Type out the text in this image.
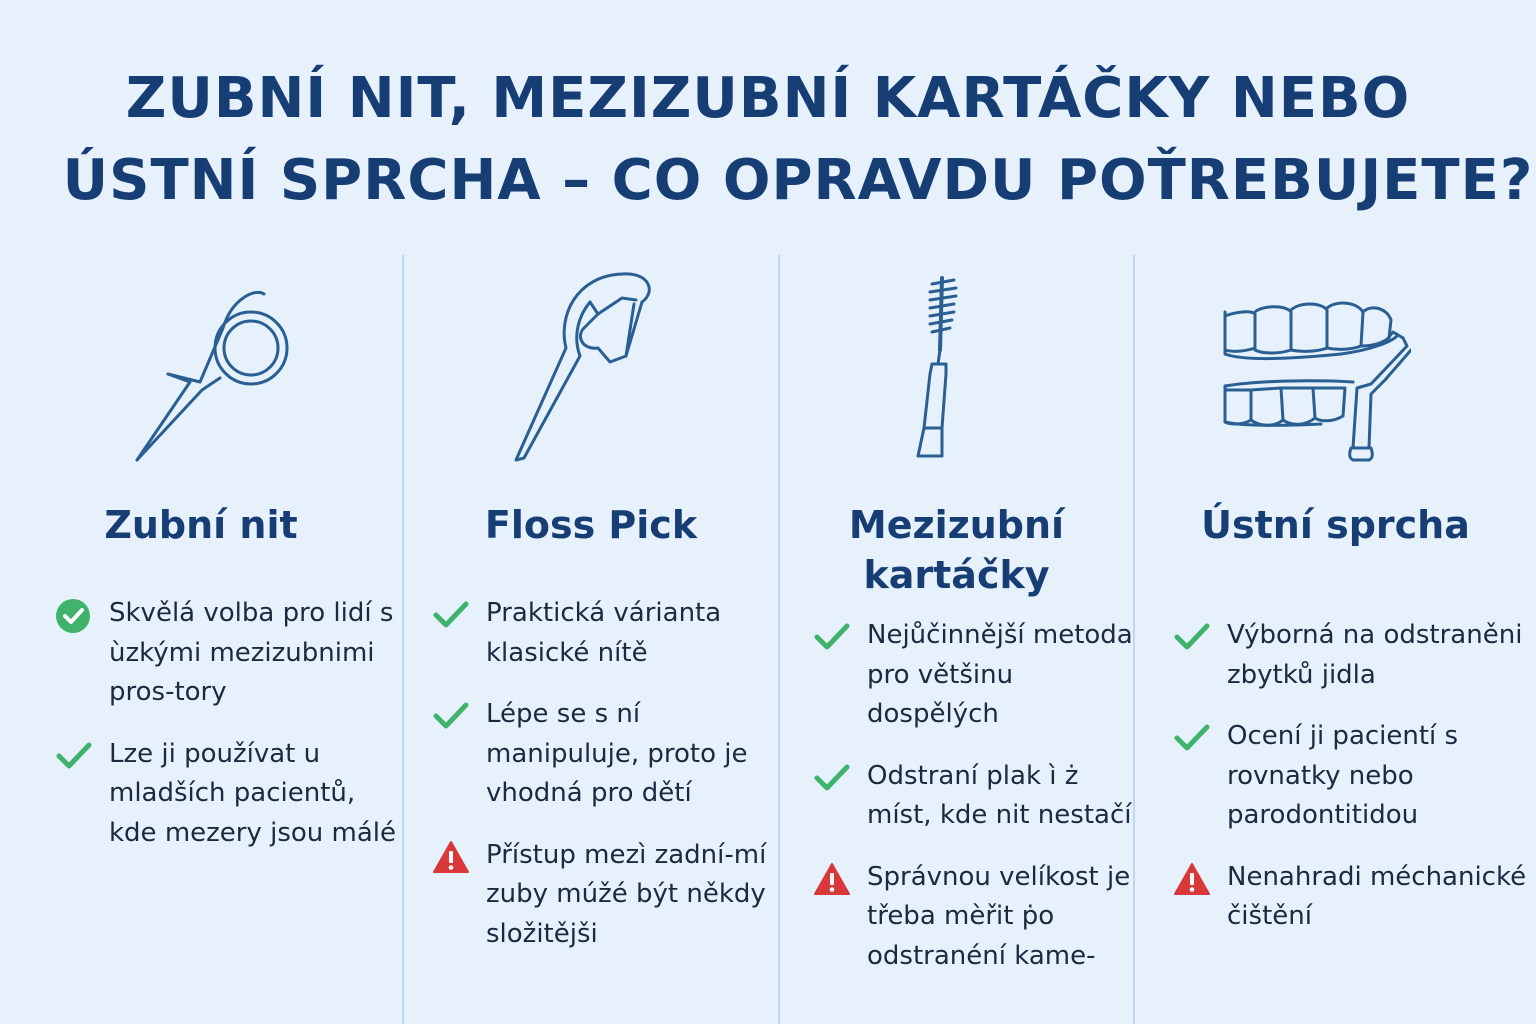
ZUBNÍ NIT, MEZIZUBNÍ KARTÁČKY NEBO
ÚSTNÍ SPRCHA – CO OPRAVDU POŤREBUJETE?
Zubní nit
Skvělá volba pro lidí s ùzkými mezizubnimi pros-tory
Lze ji používat u mladších pacientů, kde mezery jsou málé
Floss Pick
Praktická várianta klasické nítě
Lépe se s ní manipuluje, proto je vhodná pro dětí
Přístup mezì zadní-mí zuby múžé být někdy složitějši
Mezizubní kartáčky
Nejůčinnější metoda pro většinu dospělých
Odstraní plak ì ż míst, kde nit nestačí
Správnou velíkost je třeba mèřit ṗo odstranéní kame-
Ústní sprcha
Výborná na odstraněni zbytků jidla
Ocení ji pacientí s rovnatky nebo parodontitidou
Nenahradi méchanické čištění
